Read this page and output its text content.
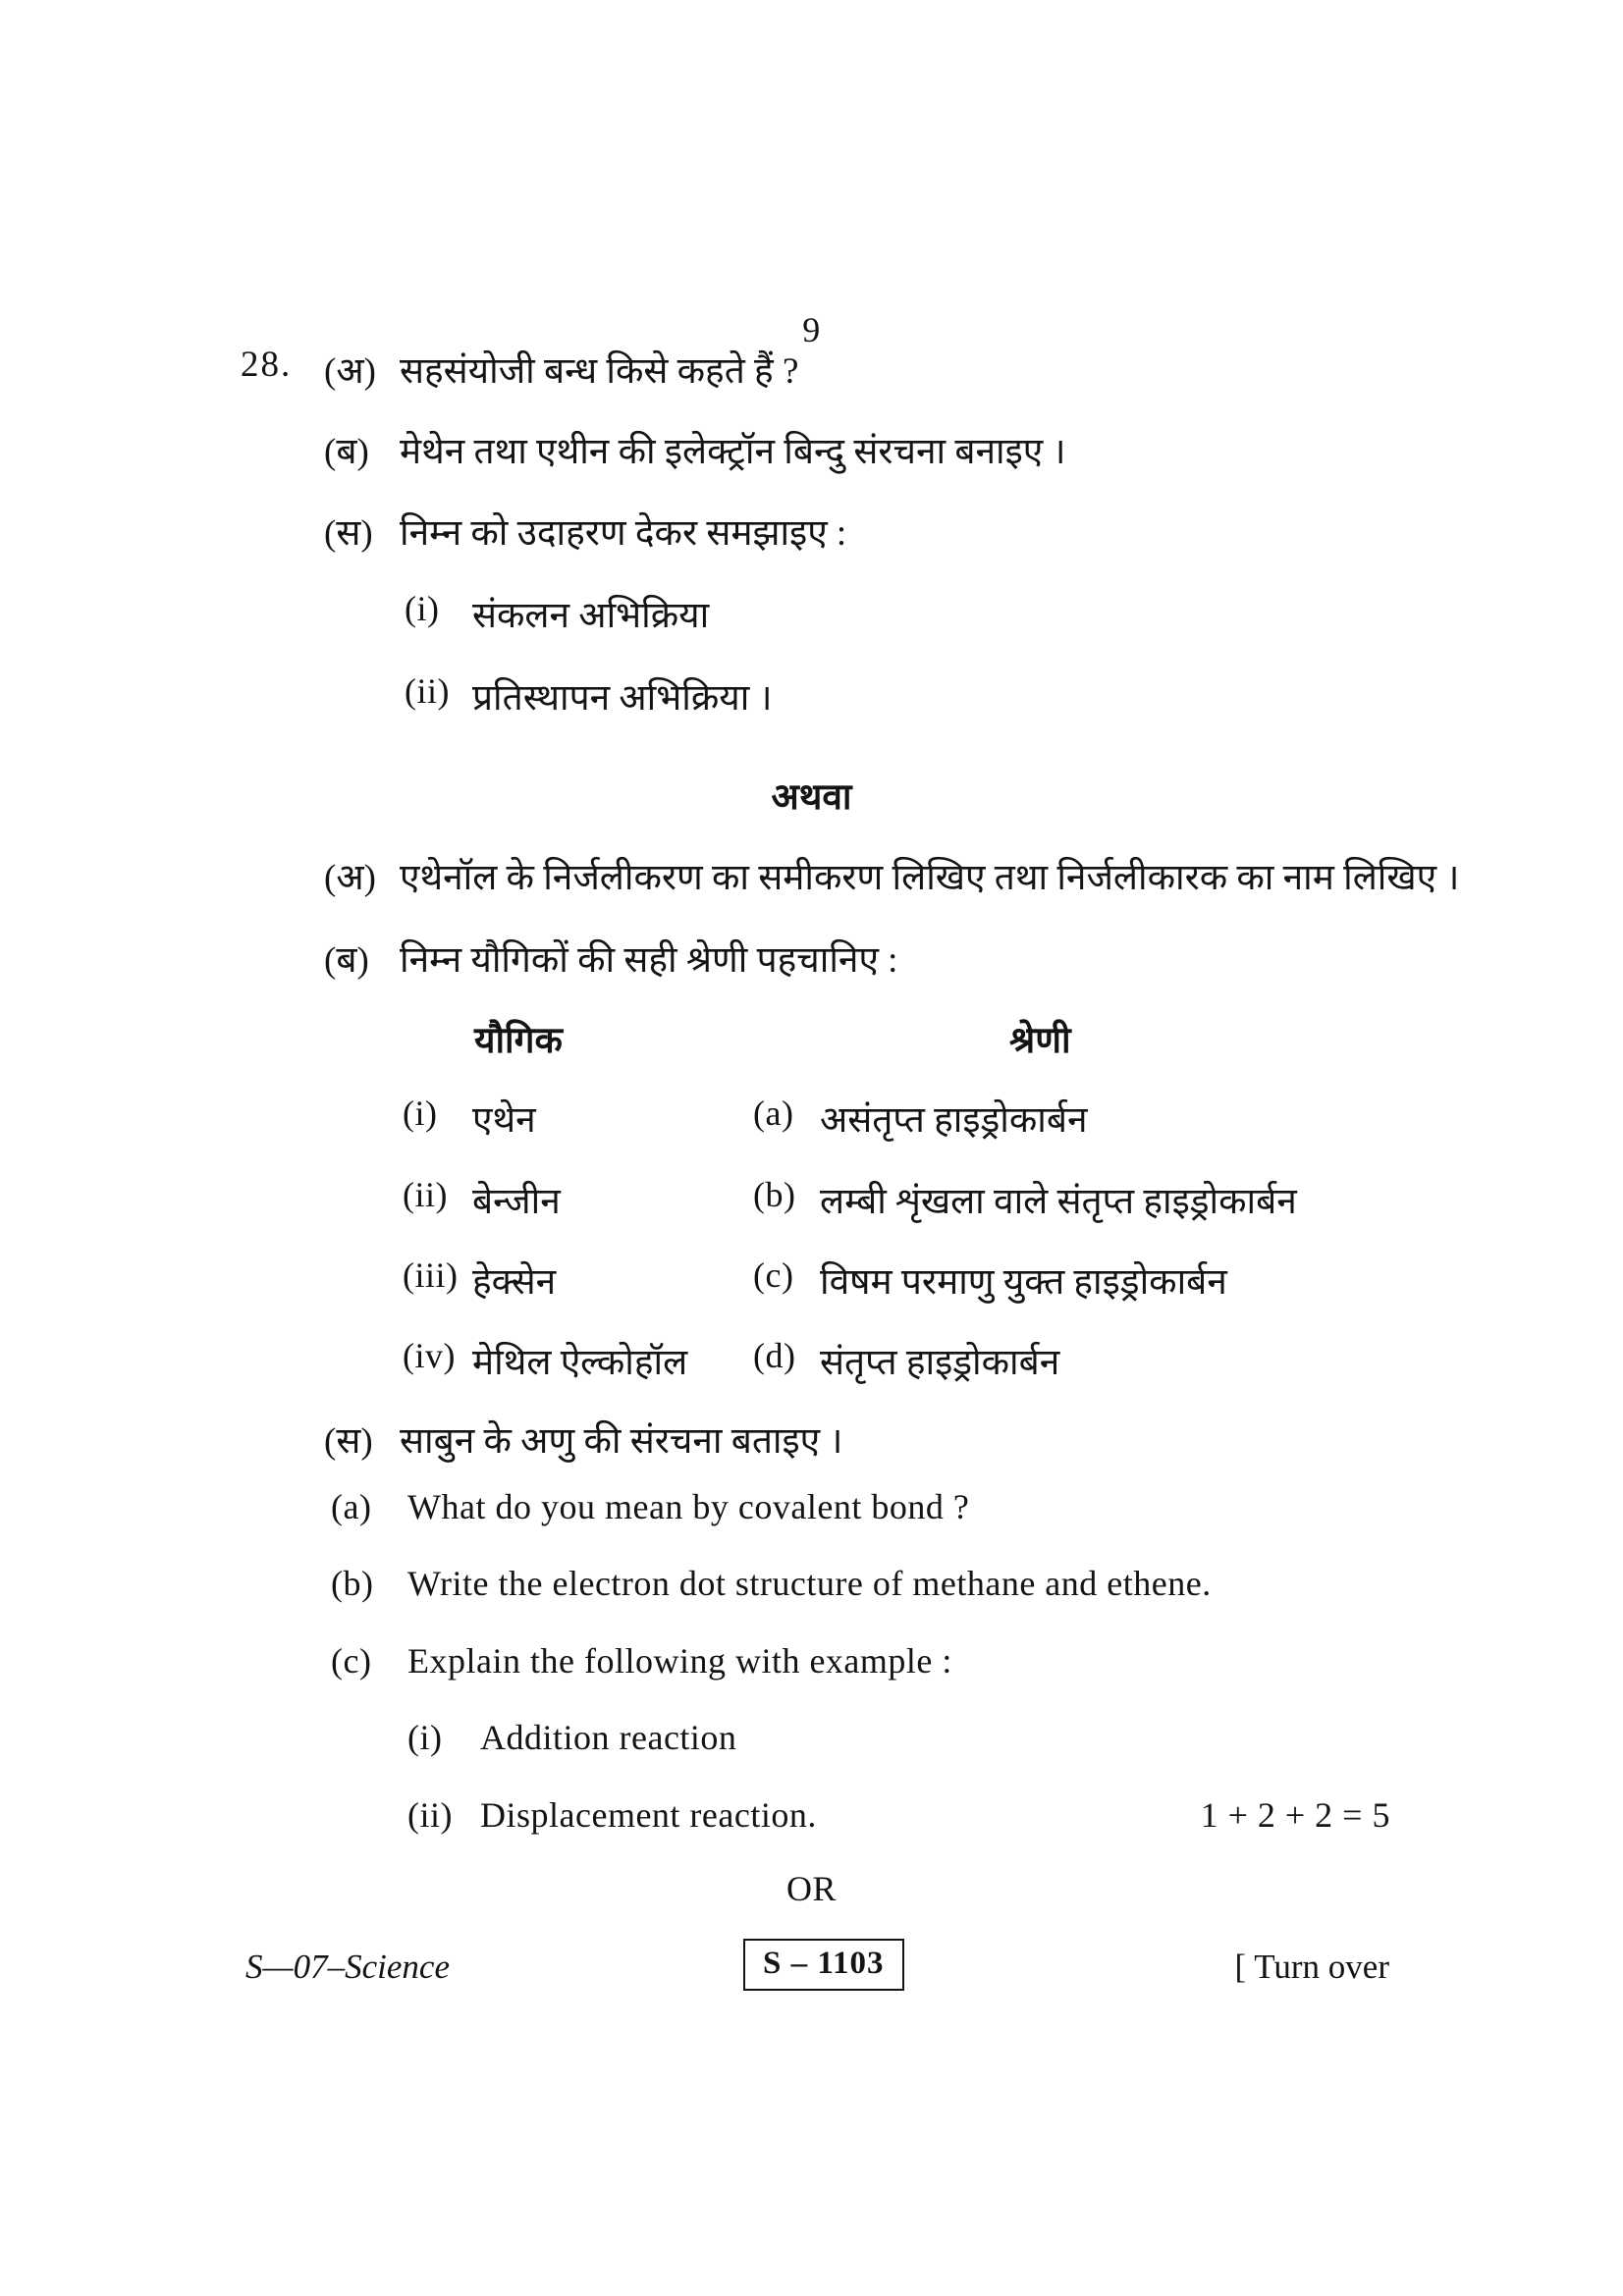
9
28. (अ) सहसंयोजी बन्ध किसे कहते हैं ?
(ब) मेथेन तथा एथीन की इलेक्ट्रॉन बिन्दु संरचना बनाइए ।
(स) निम्न को उदाहरण देकर समझाइए :
(i) संकलन अभिक्रिया
(ii) प्रतिस्थापन अभिक्रिया ।
अथवा
(अ) एथेनॉल के निर्जलीकरण का समीकरण लिखिए तथा निर्जलीकारक का नाम लिखिए ।
(ब) निम्न यौगिकों की सही श्रेणी पहचानिए :
यौगिक	श्रेणी
(i) एथेन	(a) असंतृप्त हाइड्रोकार्बन
(ii) बेन्जीन	(b) लम्बी शृंखला वाले संतृप्त हाइड्रोकार्बन
(iii) हेक्सेन	(c) विषम परमाणु युक्त हाइड्रोकार्बन
(iv) मेथिल ऐल्कोहॉल (d) संतृप्त हाइड्रोकार्बन
(स) साबुन के अणु की संरचना बताइए ।
(a) What do you mean by covalent bond ?
(b) Write the electron dot structure of methane and ethene.
(c) Explain the following with example :
(i) Addition reaction
(ii) Displacement reaction.	1 + 2 + 2 = 5
OR
S—07–Science	S – 1103	[ Turn over
